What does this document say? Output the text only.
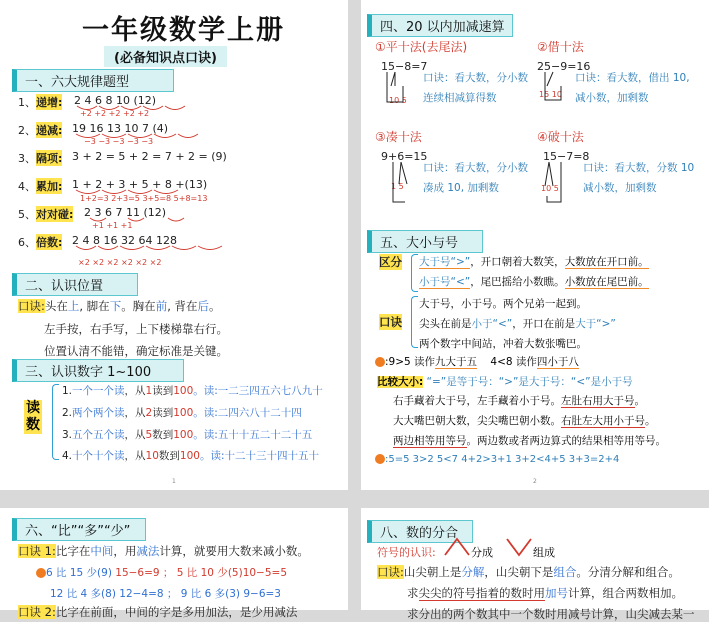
一年级数学上册
(必备知识点口诀)
一、六大规律题型
1、 递增: 2 4 6 8 10 (12)
+2 +2 +2 +2 +2
2、 递减: 19 16 13 10 7 (4)
−3 −3 −3 −3 −3
3、 隔项: 3 + 2 = 5 + 2 = 7 + 2 = (9)
4、 累加: 1 + 2 + 3 + 5 + 8 +(13)
1+2=3 2+3=5 3+5=8 5+8=13
5、 对对碰: 2 3 6 7 11 (12)
+1 +1 +1
6、 倍数: 2 4 8 16 32 64 128
×2 ×2 ×2 ×2 ×2 ×2
二、认识位置
口诀:头在上, 脚在下。胸在前, 背在后。
左手按，右手写，上下楼梯靠右行。
位置认清不能错，确定标准是关键。
三、认识数字 1~100
读数
1.一个一个读，从1读到100。读:一二三四五六七八九十
2.两个两个读，从2读到100。读:二四六八十二十四
3.五个五个读，从5数到100。读:五十十五二十二十五
4.十个十个读，从10数到100。读:十二十三十四十五十
1
四、20 以内加减速算
①平十法(去尾法)
15−8=7
10 5
口诀：看大数，分小数
连续相减算得数
②借十法
25−9=16
15 10
口诀：看大数，借出 10,
减小数，加剩数
③凑十法
9+6=15
1 5
口诀：看大数，分小数
凑成 10, 加剩数
④破十法
15−7=8
10 5
口诀：看大数，分数 10
减小数，加剩数
五、大小与号
区分 大于号“>”，开口朝着大数笑，大数放在开口前。
小于号“<”，尾巴摇给小数瞧。小数放在尾巴前。
口诀
大于号，小于号。两个兄弟一起到。
尖头在前是小于“<”，开口在前是大于“>”
两个数字中间站，冲着大数张嘴巴。
:9>5 读作九大于五 4<8 读作四小于八
比较大小: “=”是等于号：“>”是大于号：“<”是小于号
右手藏着大于号，左手藏着小于号。左肚右用大于号。
大大嘴巴朝大数，尖尖嘴巴朝小数。右肚左大用小于号。
两边相等用等号。两边数或者两边算式的结果相等用等号。
:5=5 3>2 5<7 4+2>3+1 3+2<4+5 3+3=2+4
2
六、“比”“多”“少”
口诀 1:比字在中间，用减法计算，就要用大数来减小数。
6 比 15 少(9) 15−6=9 ； 5 比 10 少(5)10−5=5
12 比 4 多(8) 12−4=8 ； 9 比 6 多(3) 9−6=3
口诀 2:比字在前面，中间的字是多用加法，是少用减法
八、数的分合
符号的认识:	分成	组成
口诀:山尖朝上是分解，山尖朝下是组合。分清分解和组合。
求尖尖的符号指着的数时用加号计算，组合两数相加。
求分出的两个数其中一个数时用减号计算，山尖减去某一
